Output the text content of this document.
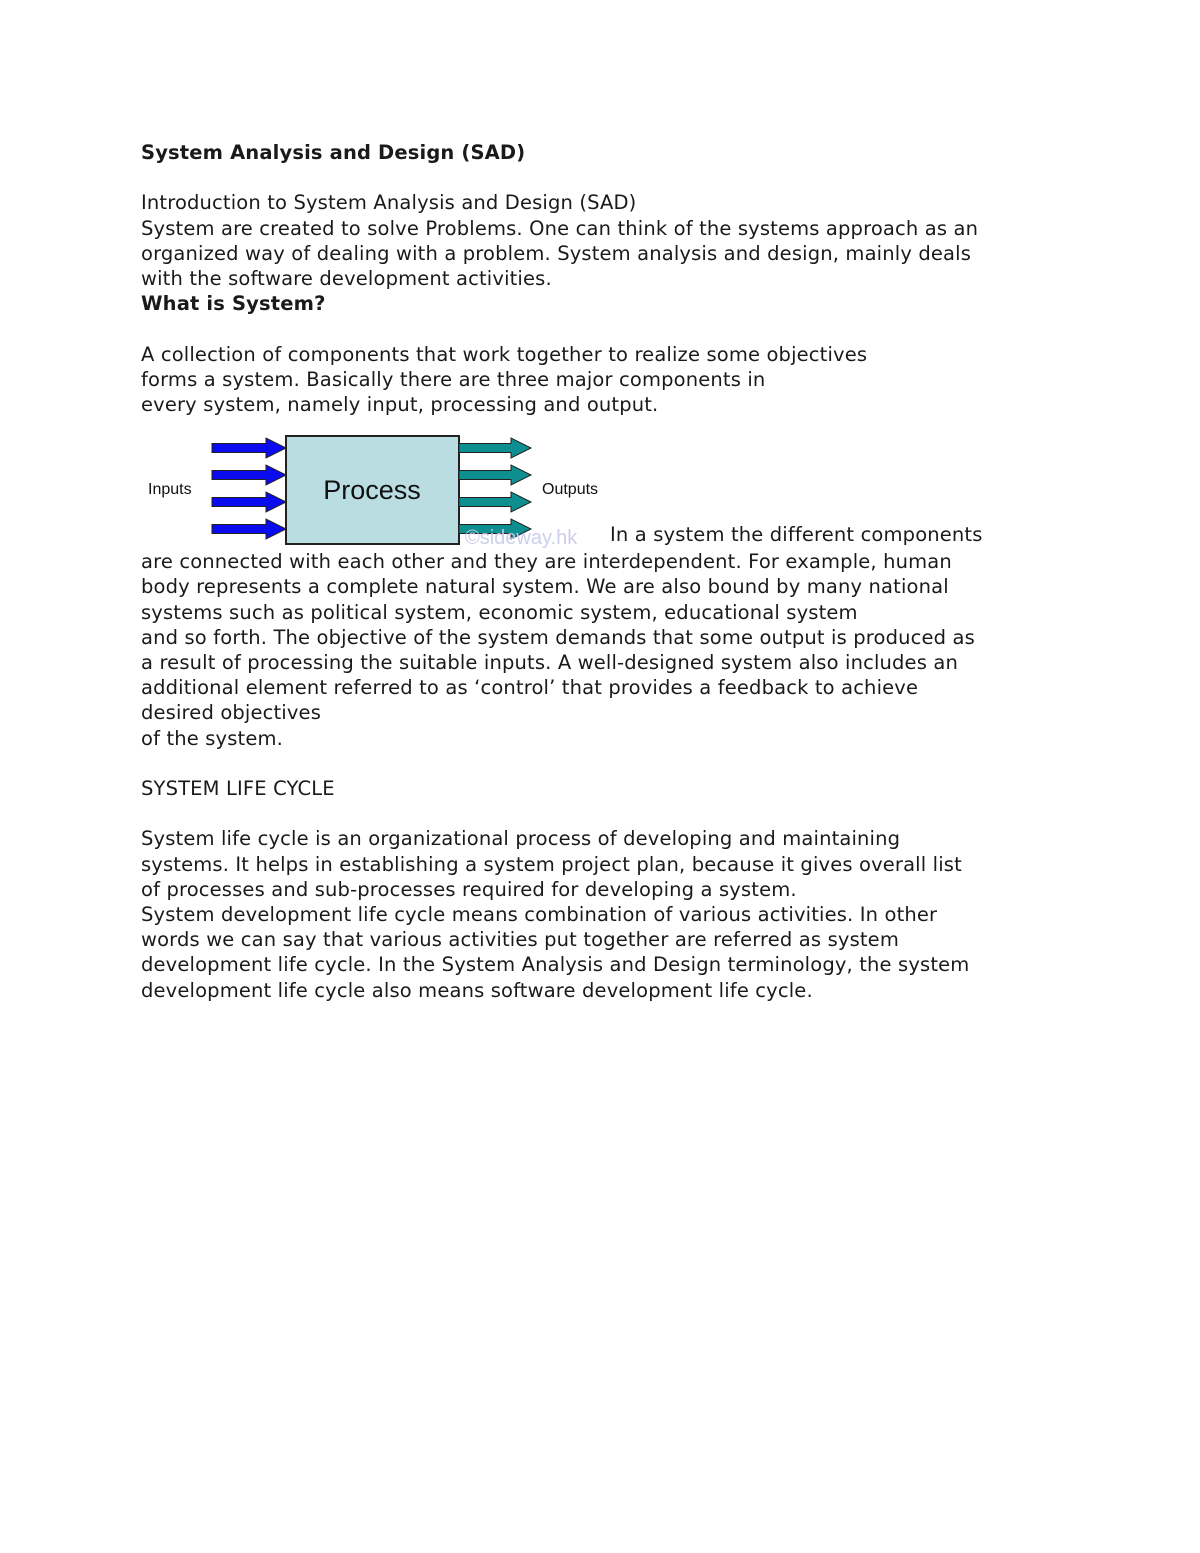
System Analysis and Design (SAD)

Introduction to System Analysis and Design (SAD)

System are created to solve Problems. One can think of the systems approach as an

organized way of dealing with a problem. System analysis and design, mainly deals

with the software development activities.

What is System?

A collection of components that work together to realize some objectives

forms a system. Basically there are three major components in

every system, namely input, processing and output.

Process
Inputs	Outputs
©sideway.hk In a system the different components

are connected with each other and they are interdependent. For example, human

body represents a complete natural system. We are also bound by many national

systems such as political system, economic system, educational system

and so forth. The objective of the system demands that some output is produced as

a result of processing the suitable inputs. A well-designed system also includes an

additional element referred to as ‘control’ that provides a feedback to achieve

desired objectives

of the system.

SYSTEM LIFE CYCLE

System life cycle is an organizational process of developing and maintaining

systems. It helps in establishing a system project plan, because it gives overall list

of processes and sub-processes required for developing a system.

System development life cycle means combination of various activities. In other

words we can say that various activities put together are referred as system

development life cycle. In the System Analysis and Design terminology, the system

development life cycle also means software development life cycle.
